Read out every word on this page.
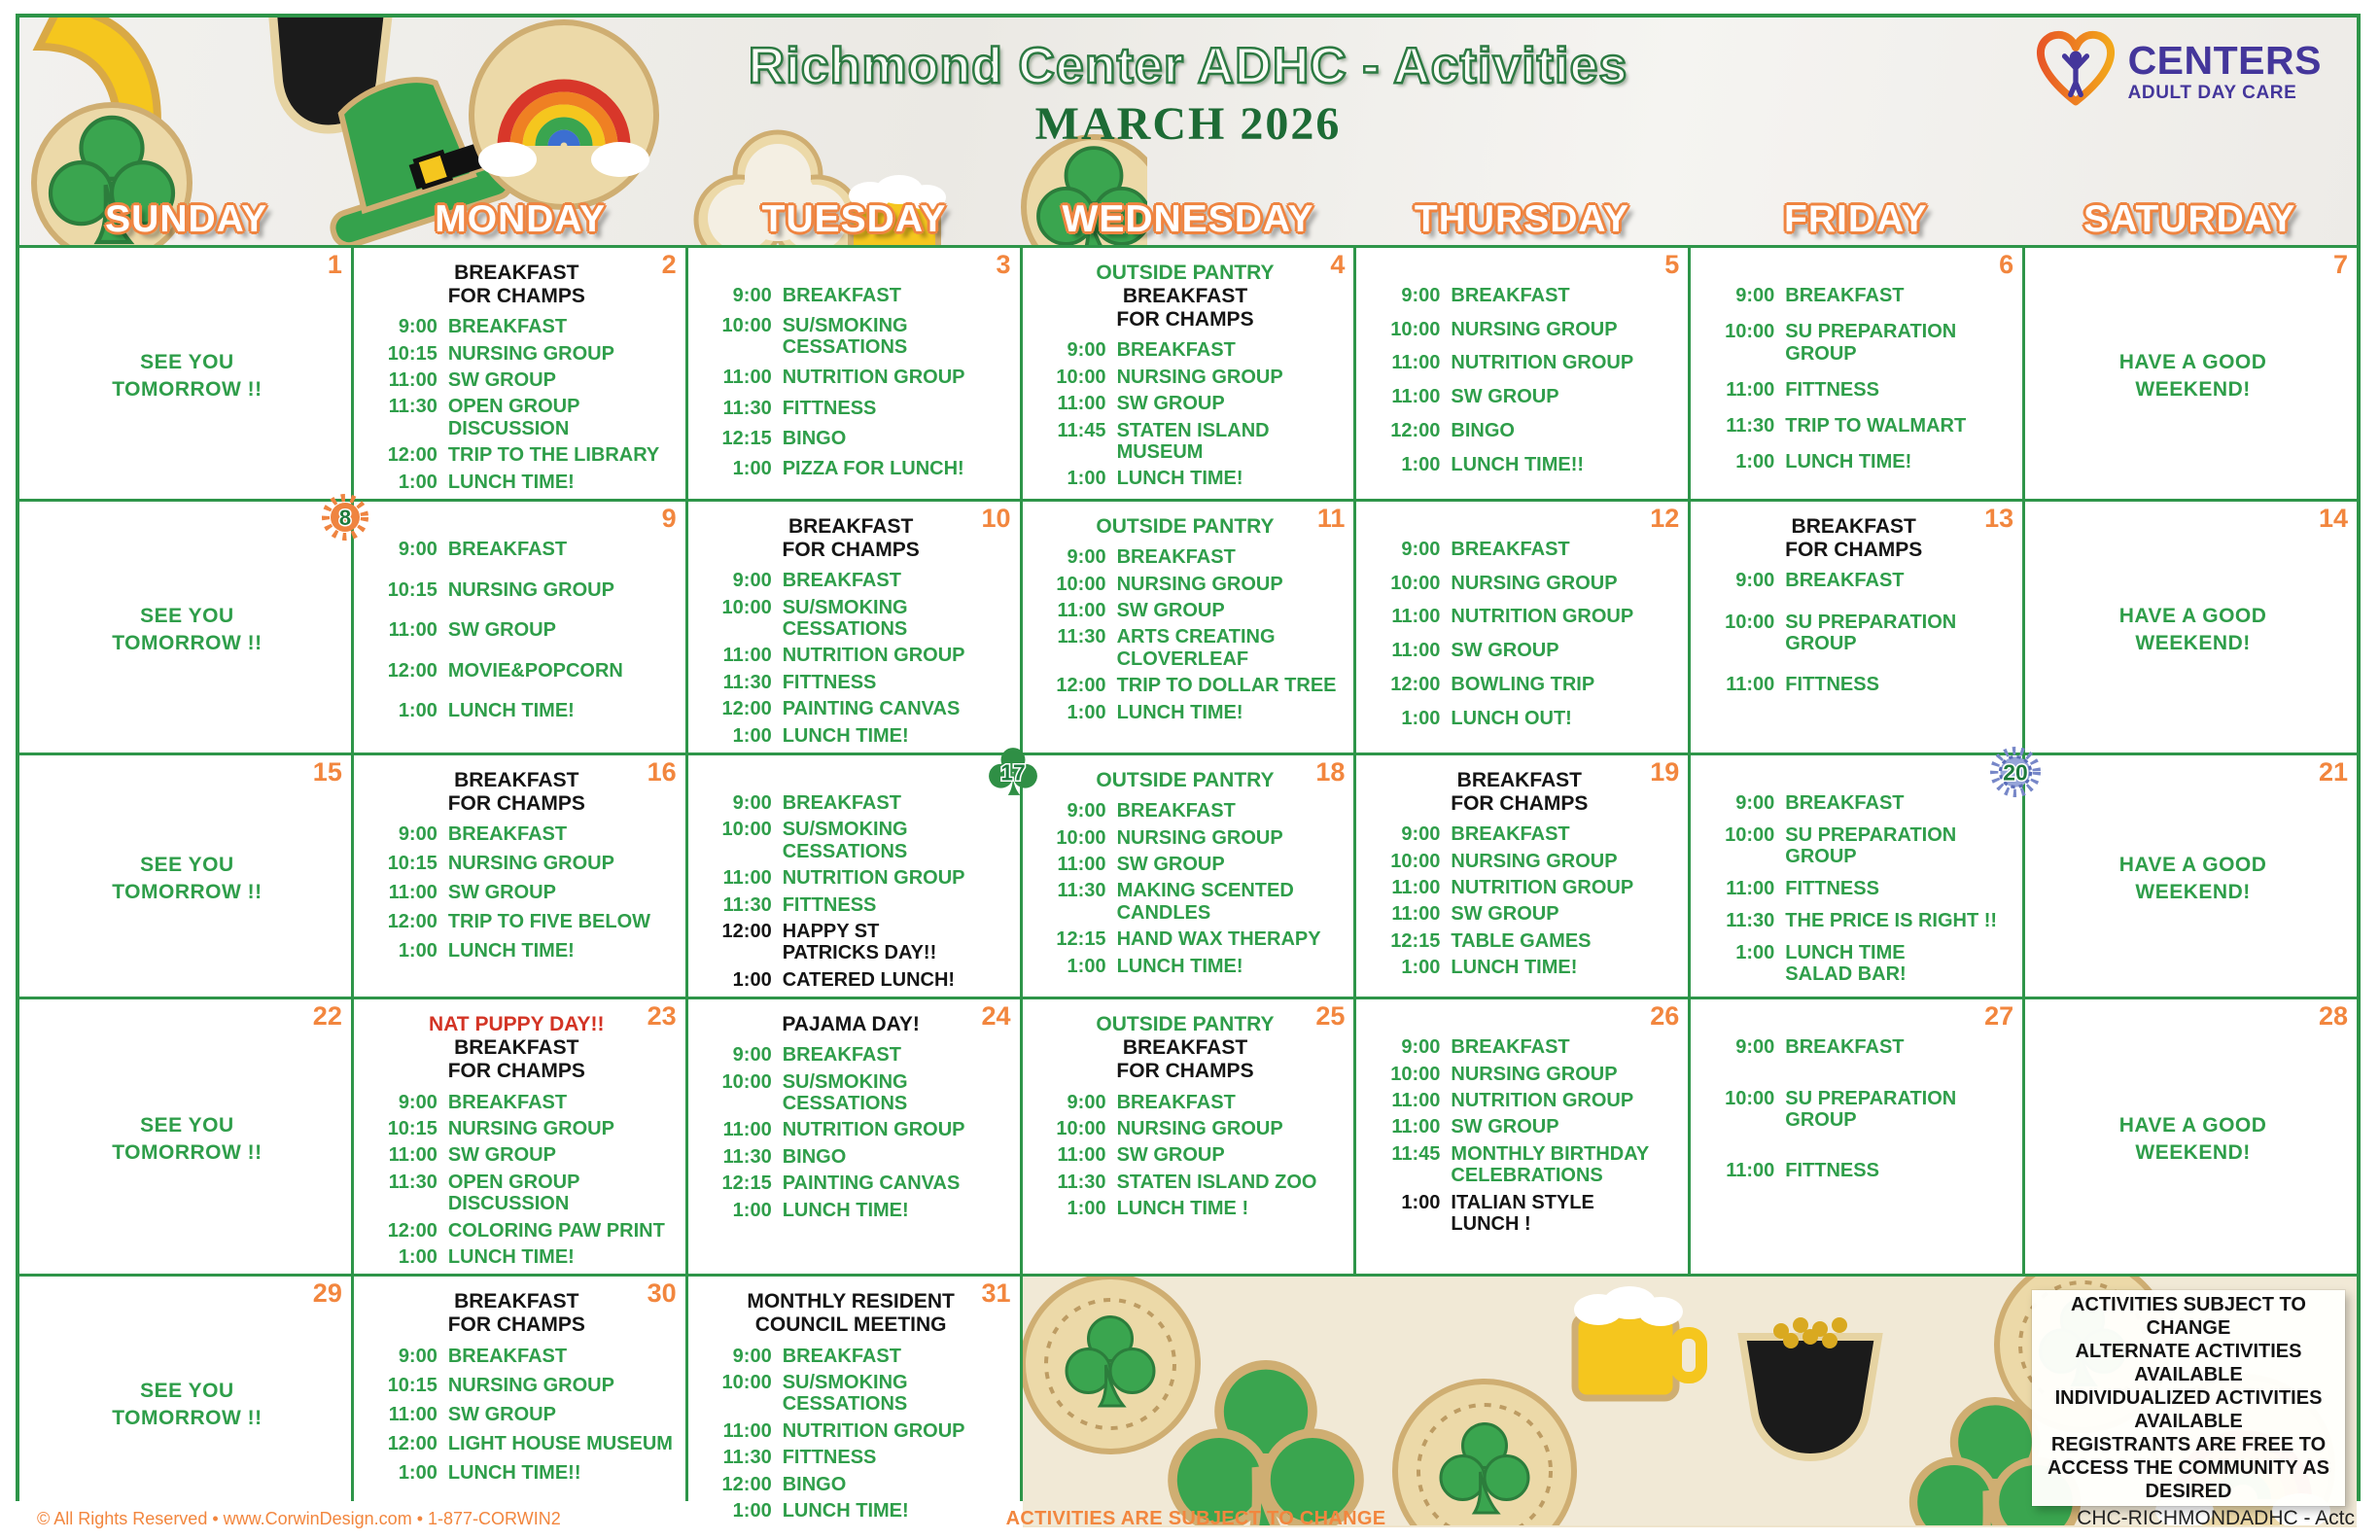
Richmond Center ADHC - Activities
MARCH 2026
CENTERS
ADULT DAY CARE
SUNDAY	MONDAY	TUESDAY	WEDNESDAY	THURSDAY	FRIDAY	SATURDAY
1
SEE YOU
TOMORROW !!
2
BREAKFAST
FOR CHAMPS
9:00 BREAKFAST
10:15 NURSING GROUP
11:00 SW GROUP
11:30 OPEN GROUP
DISCUSSION
12:00 TRIP TO THE LIBRARY
1:00 LUNCH TIME!
3
9:00 BREAKFAST
10:00 SU/SMOKING
CESSATIONS
11:00 NUTRITION GROUP
11:30 FITTNESS
12:15 BINGO
1:00 PIZZA FOR LUNCH!
4
OUTSIDE PANTRY
BREAKFAST
FOR CHAMPS
9:00 BREAKFAST
10:00 NURSING GROUP
11:00 SW GROUP
11:45 STATEN ISLAND
MUSEUM
1:00 LUNCH TIME!
5
9:00 BREAKFAST
10:00 NURSING GROUP
11:00 NUTRITION GROUP
11:00 SW GROUP
12:00 BINGO
1:00 LUNCH TIME!!
6
9:00 BREAKFAST
10:00 SU PREPARATION
GROUP
11:00 FITTNESS
11:30 TRIP TO WALMART
1:00 LUNCH TIME!
7
HAVE A GOOD
WEEKEND!
8
SEE YOU
TOMORROW !!
9
9:00 BREAKFAST
10:15 NURSING GROUP
11:00 SW GROUP
12:00 MOVIE&POPCORN
1:00 LUNCH TIME!
10
BREAKFAST
FOR CHAMPS
9:00 BREAKFAST
10:00 SU/SMOKING
CESSATIONS
11:00 NUTRITION GROUP
11:30 FITTNESS
12:00 PAINTING CANVAS
1:00 LUNCH TIME!
11
OUTSIDE PANTRY
9:00 BREAKFAST
10:00 NURSING GROUP
11:00 SW GROUP
11:30 ARTS CREATING
CLOVERLEAF
12:00 TRIP TO DOLLAR TREE
1:00 LUNCH TIME!
12
9:00 BREAKFAST
10:00 NURSING GROUP
11:00 NUTRITION GROUP
11:00 SW GROUP
12:00 BOWLING TRIP
1:00 LUNCH OUT!
13
BREAKFAST
FOR CHAMPS
9:00 BREAKFAST
10:00 SU PREPARATION
GROUP
11:00 FITTNESS
14
HAVE A GOOD
WEEKEND!
15
SEE YOU
TOMORROW !!
16
BREAKFAST
FOR CHAMPS
9:00 BREAKFAST
10:15 NURSING GROUP
11:00 SW GROUP
12:00 TRIP TO FIVE BELOW
1:00 LUNCH TIME!
17
9:00 BREAKFAST
10:00 SU/SMOKING
CESSATIONS
11:00 NUTRITION GROUP
11:30 FITTNESS
12:00 HAPPY ST
PATRICKS DAY!!
1:00 CATERED LUNCH!
18
OUTSIDE PANTRY
9:00 BREAKFAST
10:00 NURSING GROUP
11:00 SW GROUP
11:30 MAKING SCENTED
CANDLES
12:15 HAND WAX THERAPY
1:00 LUNCH TIME!
19
BREAKFAST
FOR CHAMPS
9:00 BREAKFAST
10:00 NURSING GROUP
11:00 NUTRITION GROUP
11:00 SW GROUP
12:15 TABLE GAMES
1:00 LUNCH TIME!
20
9:00 BREAKFAST
10:00 SU PREPARATION
GROUP
11:00 FITTNESS
11:30 THE PRICE IS RIGHT !!
1:00 LUNCH TIME
SALAD BAR!
21
HAVE A GOOD
WEEKEND!
22
SEE YOU
TOMORROW !!
23
NAT PUPPY DAY!!
BREAKFAST
FOR CHAMPS
9:00 BREAKFAST
10:15 NURSING GROUP
11:00 SW GROUP
11:30 OPEN GROUP
DISCUSSION
12:00 COLORING PAW PRINT
1:00 LUNCH TIME!
24
PAJAMA DAY!
9:00 BREAKFAST
10:00 SU/SMOKING
CESSATIONS
11:00 NUTRITION GROUP
11:30 BINGO
12:15 PAINTING CANVAS
1:00 LUNCH TIME!
25
OUTSIDE PANTRY
BREAKFAST
FOR CHAMPS
9:00 BREAKFAST
10:00 NURSING GROUP
11:00 SW GROUP
11:30 STATEN ISLAND ZOO
1:00 LUNCH TIME !
26
9:00 BREAKFAST
10:00 NURSING GROUP
11:00 NUTRITION GROUP
11:00 SW GROUP
11:45 MONTHLY BIRTHDAY
CELEBRATIONS
1:00 ITALIAN STYLE
LUNCH !
27
9:00 BREAKFAST
10:00 SU PREPARATION
GROUP
11:00 FITTNESS
28
HAVE A GOOD
WEEKEND!
29
SEE YOU
TOMORROW !!
30
BREAKFAST
FOR CHAMPS
9:00 BREAKFAST
10:15 NURSING GROUP
11:00 SW GROUP
12:00 LIGHT HOUSE MUSEUM
1:00 LUNCH TIME!!
31
MONTHLY RESIDENT
COUNCIL MEETING
9:00 BREAKFAST
10:00 SU/SMOKING
CESSATIONS
11:00 NUTRITION GROUP
11:30 FITTNESS
12:00 BINGO
1:00 LUNCH TIME!
ACTIVITIES SUBJECT TO CHANGE
ALTERNATE ACTIVITIES AVAILABLE
INDIVIDUALIZED ACTIVITIES AVAILABLE
REGISTRANTS ARE FREE TO ACCESS THE COMMUNITY AS DESIRED
© All Rights Reserved • www.CorwinDesign.com • 1-877-CORWIN2	ACTIVITIES ARE SUBJECT TO CHANGE	CHC-RICHMONDADHC - Actc
